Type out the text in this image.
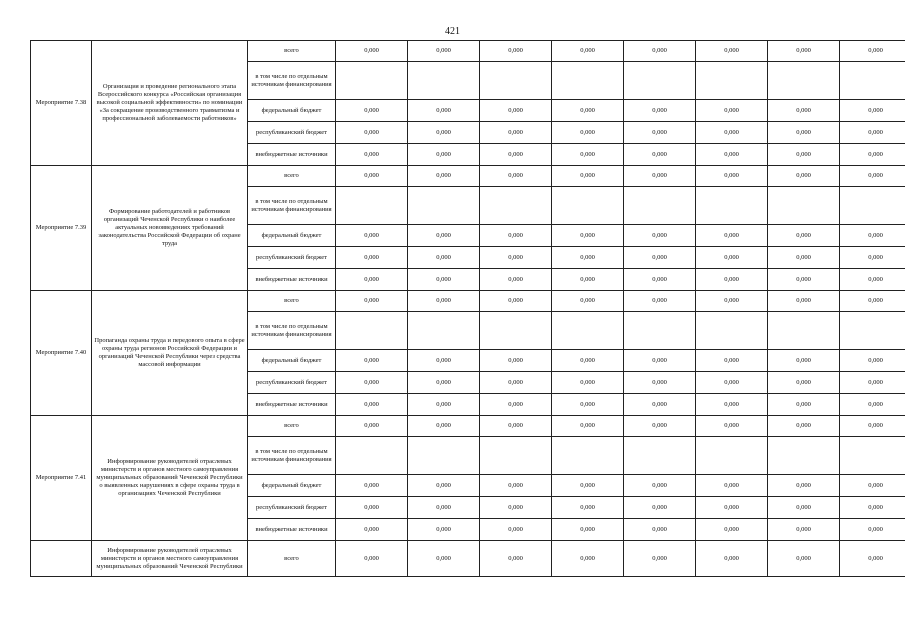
421
Мероприятие 7.38	Организация и проведение регионального этапа Всероссийского конкурса «Российская организация высокой социальной эффективности» по номинации «За сокращение производственного травматизма и профессиональной заболеваемости работников»	всего	0,000	0,000	0,000	0,000	0,000	0,000	0,000	0,000
		в том числе по отдельным источникам финансирования								
		федеральный бюджет	0,000	0,000	0,000	0,000	0,000	0,000	0,000	0,000
		республиканский бюджет	0,000	0,000	0,000	0,000	0,000	0,000	0,000	0,000
		внебюджетные источники	0,000	0,000	0,000	0,000	0,000	0,000	0,000	0,000
Мероприятие 7.39	Формирование работодателей и работников организаций Чеченской Республики о наиболее актуальных нововведениях требований законодательства Российской Федерации об охране труда	всего	0,000	0,000	0,000	0,000	0,000	0,000	0,000	0,000
		в том числе по отдельным источникам финансирования								
		федеральный бюджет	0,000	0,000	0,000	0,000	0,000	0,000	0,000	0,000
		республиканский бюджет	0,000	0,000	0,000	0,000	0,000	0,000	0,000	0,000
		внебюджетные источники	0,000	0,000	0,000	0,000	0,000	0,000	0,000	0,000
Мероприятие 7.40	Пропаганда охраны труда и передового опыта в сфере охраны труда регионов Российской Федерации и организаций Чеченской Республики через средства массовой информации	всего	0,000	0,000	0,000	0,000	0,000	0,000	0,000	0,000
		в том числе по отдельным источникам финансирования								
		федеральный бюджет	0,000	0,000	0,000	0,000	0,000	0,000	0,000	0,000
		республиканский бюджет	0,000	0,000	0,000	0,000	0,000	0,000	0,000	0,000
		внебюджетные источники	0,000	0,000	0,000	0,000	0,000	0,000	0,000	0,000
Мероприятие 7.41	Информирование руководителей отраслевых министерств и органов местного самоуправления муниципальных образований Чеченской Республики о выявленных нарушениях в сфере охраны труда в организациях Чеченской Республики	всего	0,000	0,000	0,000	0,000	0,000	0,000	0,000	0,000
		в том числе по отдельным источникам финансирования								
		федеральный бюджет	0,000	0,000	0,000	0,000	0,000	0,000	0,000	0,000
		республиканский бюджет	0,000	0,000	0,000	0,000	0,000	0,000	0,000	0,000
		внебюджетные источники	0,000	0,000	0,000	0,000	0,000	0,000	0,000	0,000
	Информирование руководителей отраслевых министерств и органов местного самоуправления муниципальных образований Чеченской Республики	всего	0,000	0,000	0,000	0,000	0,000	0,000	0,000	0,000
